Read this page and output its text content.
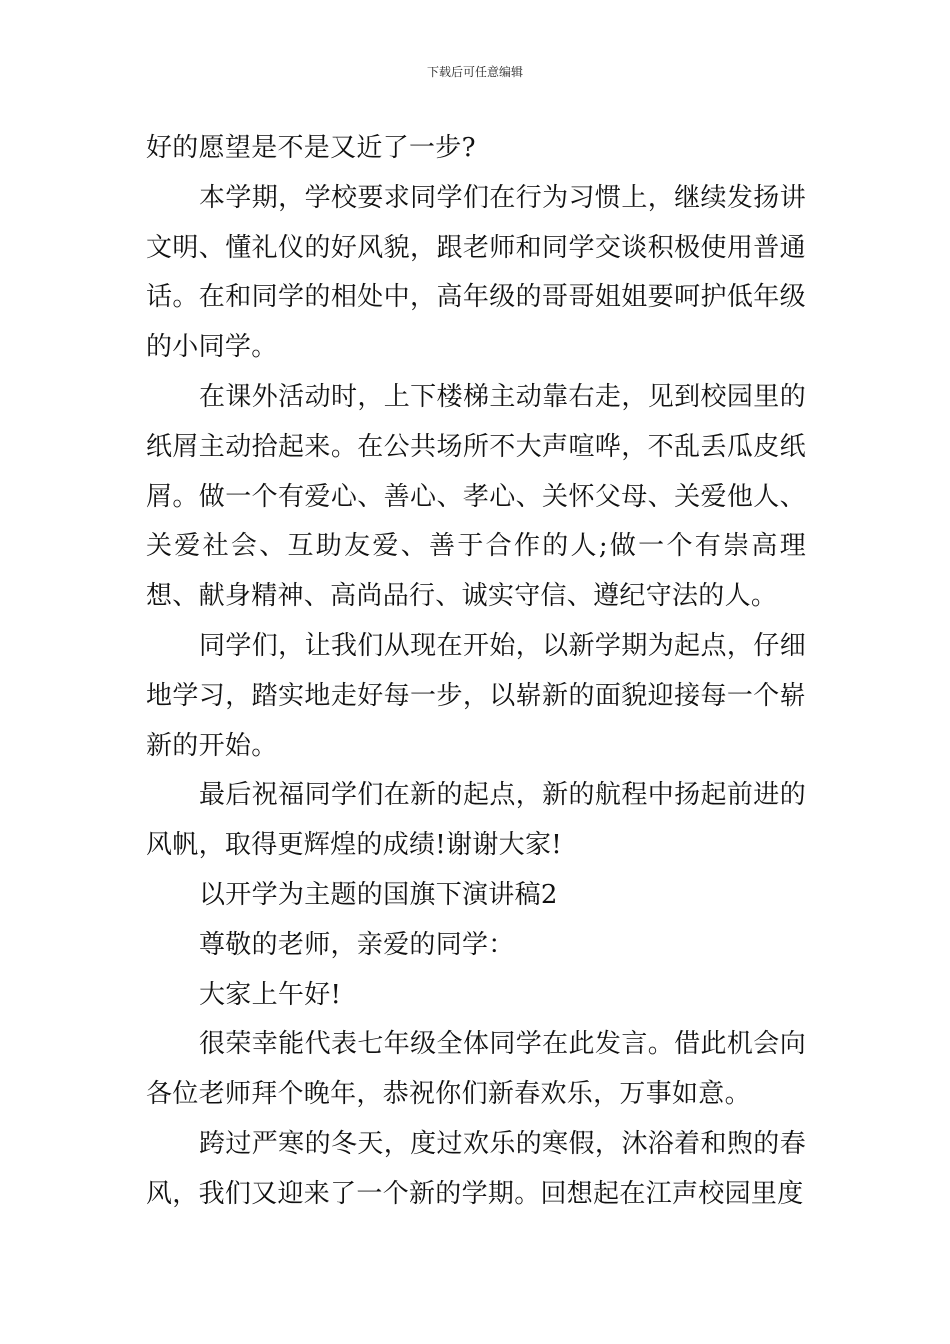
下载后可任意编辑

好的愿望是不是又近了一步?

本学期，学校要求同学们在行为习惯上，继续发扬讲文明、懂礼仪的好风貌，跟老师和同学交谈积极使用普通话。在和同学的相处中，高年级的哥哥姐姐要呵护低年级的小同学。

在课外活动时，上下楼梯主动靠右走，见到校园里的纸屑主动拾起来。在公共场所不大声喧哗，不乱丢瓜皮纸屑。做一个有爱心、善心、孝心、关怀父母、关爱他人、关爱社会、互助友爱、善于合作的人;做一个有崇高理想、献身精神、高尚品行、诚实守信、遵纪守法的人。

同学们，让我们从现在开始，以新学期为起点，仔细地学习，踏实地走好每一步，以崭新的面貌迎接每一个崭新的开始。

最后祝福同学们在新的起点，新的航程中扬起前进的风帆，取得更辉煌的成绩!谢谢大家!

以开学为主题的国旗下演讲稿2

尊敬的老师，亲爱的同学：

大家上午好!

很荣幸能代表七年级全体同学在此发言。借此机会向各位老师拜个晚年，恭祝你们新春欢乐，万事如意。

跨过严寒的冬天，度过欢乐的寒假，沐浴着和煦的春风，我们又迎来了一个新的学期。回想起在江声校园里度
